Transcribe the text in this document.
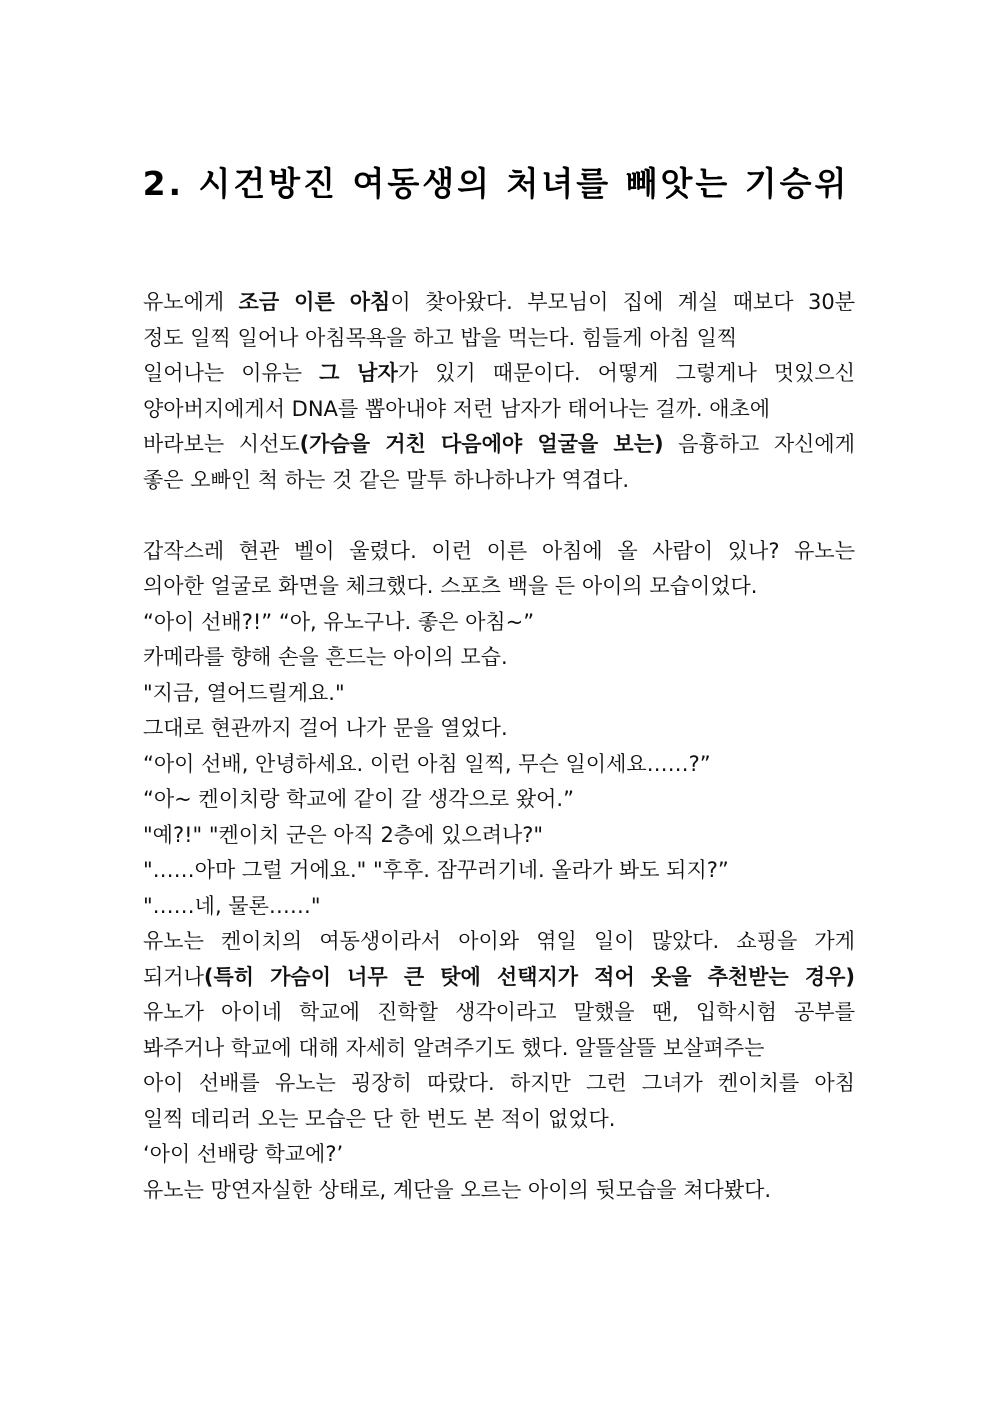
2. 시건방진 여동생의 처녀를 빼앗는 기승위
유노에게 조금 이른 아침이 찾아왔다. 부모님이 집에 계실 때보다 30분
정도 일찍 일어나 아침목욕을 하고 밥을 먹는다. 힘들게 아침 일찍
일어나는 이유는 그 남자가 있기 때문이다. 어떻게 그렇게나 멋있으신
양아버지에게서 DNA를 뽑아내야 저런 남자가 태어나는 걸까. 애초에
바라보는 시선도(가슴을 거친 다음에야 얼굴을 보는) 음흉하고 자신에게
좋은 오빠인 척 하는 것 같은 말투 하나하나가 역겹다.
갑작스레 현관 벨이 울렸다. 이런 이른 아침에 올 사람이 있나? 유노는
의아한 얼굴로 화면을 체크했다. 스포츠 백을 든 아이의 모습이었다.
“아이 선배?!” “아, 유노구나. 좋은 아침~”
카메라를 향해 손을 흔드는 아이의 모습.
"지금, 열어드릴게요."
그대로 현관까지 걸어 나가 문을 열었다.
“아이 선배, 안녕하세요. 이런 아침 일찍, 무슨 일이세요……?”
“아~ 켄이치랑 학교에 같이 갈 생각으로 왔어.”
"예?!" "켄이치 군은 아직 2층에 있으려나?"
"……아마 그럴 거에요." "후후. 잠꾸러기네. 올라가 봐도 되지?”
"……네, 물론……"
유노는 켄이치의 여동생이라서 아이와 엮일 일이 많았다. 쇼핑을 가게
되거나(특히 가슴이 너무 큰 탓에 선택지가 적어 옷을 추천받는 경우)
유노가 아이네 학교에 진학할 생각이라고 말했을 땐, 입학시험 공부를
봐주거나 학교에 대해 자세히 알려주기도 했다. 알뜰살뜰 보살펴주는
아이 선배를 유노는 굉장히 따랐다. 하지만 그런 그녀가 켄이치를 아침
일찍 데리러 오는 모습은 단 한 번도 본 적이 없었다.
‘아이 선배랑 학교에?’
유노는 망연자실한 상태로, 계단을 오르는 아이의 뒷모습을 쳐다봤다.
